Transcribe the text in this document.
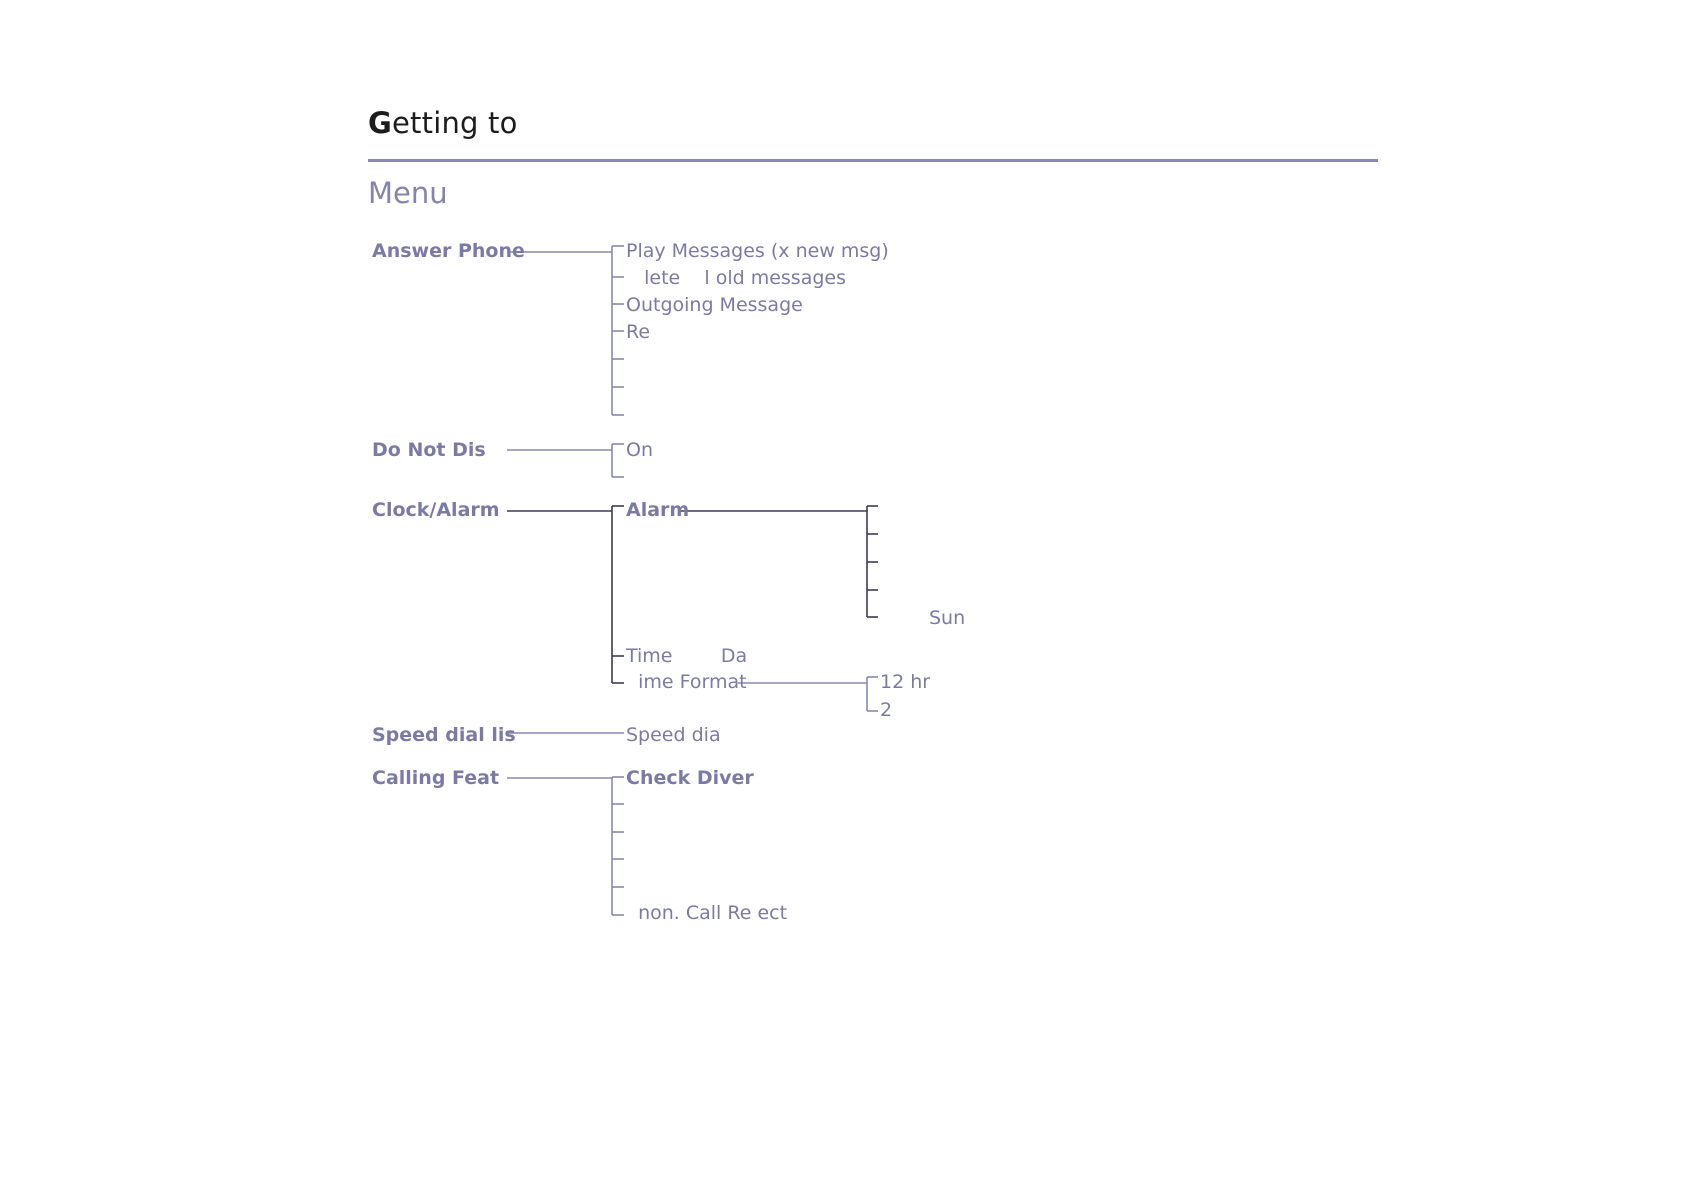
Getting to
Menu
Answer Phone	Play Messages (x new msg)
lete    l old messages
Outgoing Message
Re
Do Not Dis	On
Clock/Alarm	Alarm
Sun
Time        Da
ime Format	12 hr
2
Speed dial lis	Speed dia
Calling Feat	Check Diver
non. Call Re ect
